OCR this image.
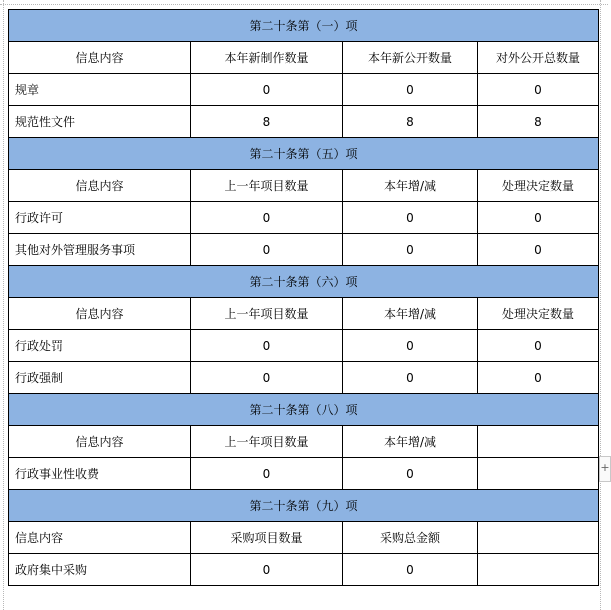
第二十条第（一）项			
信息内容	本年新制作数量	本年新公开数量	对外公开总数量
规章	0	0	0
规范性文件	8	8	8
第二十条第（五）项			
信息内容	上一年项目数量	本年增/减	处理决定数量
行政许可	0	0	0
其他对外管理服务事项	0	0	0
第二十条第（六）项			
信息内容	上一年项目数量	本年增/减	处理决定数量
行政处罚	0	0	0
行政强制	0	0	0
第二十条第（八）项			
信息内容	上一年项目数量	本年增/减	
行政事业性收费	0	0	
第二十条第（九）项			
信息内容	采购项目数量	采购总金额	
政府集中采购	0	0	
+
